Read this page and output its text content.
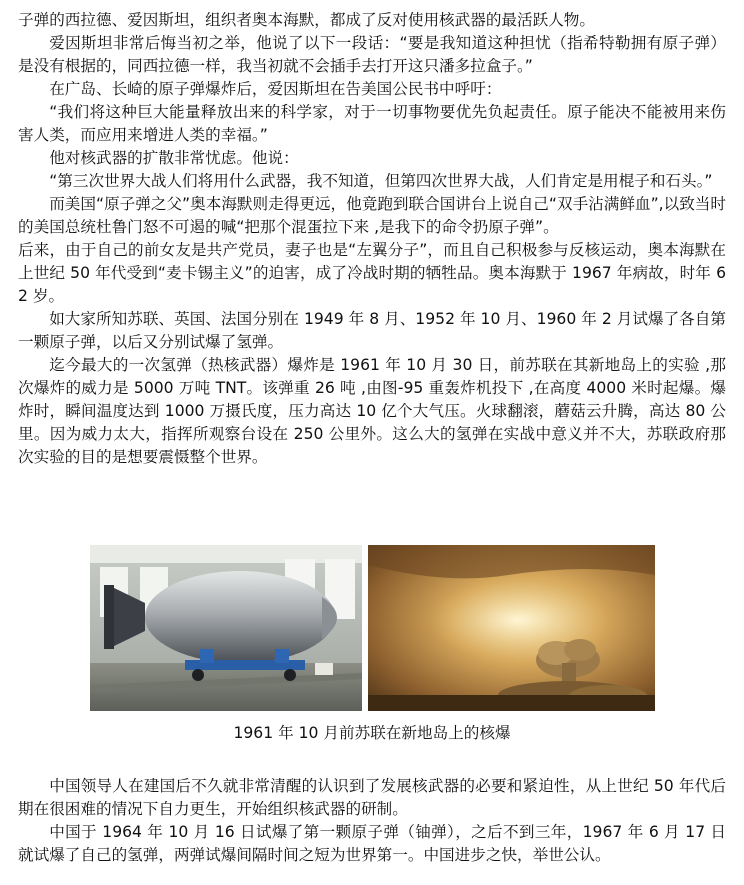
子弹的西拉德、爱因斯坦，组织者奥本海默，都成了反对使用核武器的最活跃人物。

爱因斯坦非常后悔当初之举，他说了以下一段话：“要是我知道这种担忧（指希特勒拥有原子弹）是没有根据的，同西拉德一样，我当初就不会插手去打开这只潘多拉盒子。”

在广岛、长崎的原子弹爆炸后，爱因斯坦在告美国公民书中呼吁：

“我们将这种巨大能量释放出来的科学家，对于一切事物要优先负起责任。原子能决不能被用来伤害人类，而应用来增进人类的幸福。”

他对核武器的扩散非常忧虑。他说：

“第三次世界大战人们将用什么武器，我不知道，但第四次世界大战，人们肯定是用棍子和石头。”

而美国“原子弹之父”奥本海默则走得更远，他竟跑到联合国讲台上说自己“双手沾满鲜血”,以致当时的美国总统杜鲁门怒不可遏的喊“把那个混蛋拉下来 ,是我下的命令扔原子弹”。

后来，由于自己的前女友是共产党员，妻子也是“左翼分子”，而且自己积极参与反核运动，奥本海默在上世纪 50 年代受到“麦卡锡主义”的迫害，成了冷战时期的牺牲品。奥本海默于 1967 年病故，时年 62 岁。

如大家所知苏联、英国、法国分别在 1949 年 8 月、1952 年 10 月、1960 年 2 月试爆了各自第一颗原子弹，以后又分别试爆了氢弹。

迄今最大的一次氢弹（热核武器）爆炸是 1961 年 10 月 30 日，前苏联在其新地岛上的实验 ,那次爆炸的威力是 5000 万吨 TNT。该弹重 26 吨 ,由图-95 重轰炸机投下 ,在高度 4000 米时起爆。爆炸时，瞬间温度达到 1000 万摄氏度，压力高达 10 亿个大气压。火球翻滚，蘑菇云升腾，高达 80 公里。因为威力太大，指挥所观察台设在 250 公里外。这么大的氢弹在实战中意义并不大，苏联政府那次实验的目的是想要震慑整个世界。

1961 年 10 月前苏联在新地岛上的核爆

中国领导人在建国后不久就非常清醒的认识到了发展核武器的必要和紧迫性，从上世纪 50 年代后期在很困难的情况下自力更生，开始组织核武器的研制。

中国于 1964 年 10 月 16 日试爆了第一颗原子弹（铀弹），之后不到三年，1967 年 6 月 17 日就试爆了自己的氢弹，两弹试爆间隔时间之短为世界第一。中国进步之快，举世公认。
